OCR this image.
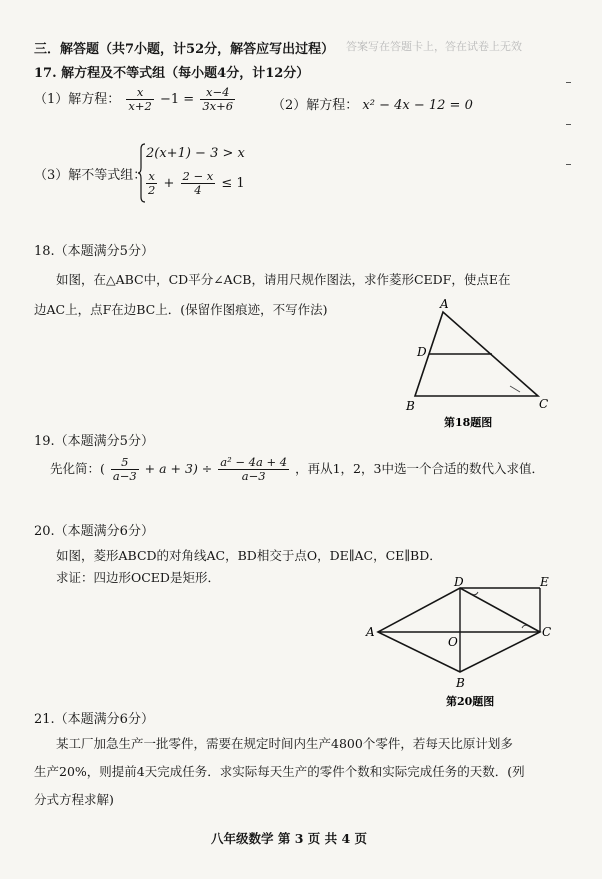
三．解答题（共7小题，计52分，解答应写出过程） 答案写在答题卡上，答在试卷上无效
17. 解方程及不等式组（每小题4分，计12分）
（1）解方程： $\frac{x}{x+2} -1 = \frac{x-4}{3x+6}$	（2）解方程： x² − 4x − 12 = 0
（3）解不等式组：
2(x+1) − 3 > x
$\frac{x}{2} + \frac{2 - x}{4} \le 1$
18.（本题满分5分）
如图，在△ABC中，CD平分∠ACB，请用尺规作图法，求作菱形CEDF，使点E在
边AC上，点F在边BC上．(保留作图痕迹，不写作法)	A
D
B	C
第18题图
19.（本题满分5分）
先化简：( $\frac{5}{a-3} + a + 3) \div \frac{\text{a² − 4a + 4}}{a-3}$ ，再从1，2，3中选一个合适的数代入求值．
20.（本题满分6分）
如图，菱形ABCD的对角线AC，BD相交于点O，DE∥AC，CE∥BD．
求证：四边形OCED是矩形．	D	E
A	C
O
B
第20题图
21.（本题满分6分）
某工厂加急生产一批零件，需要在规定时间内生产4800个零件，若每天比原计划多
生产20%，则提前4天完成任务．求实际每天生产的零件个数和实际完成任务的天数．(列
分式方程求解)
八年级数学 第 3 页 共 4 页
